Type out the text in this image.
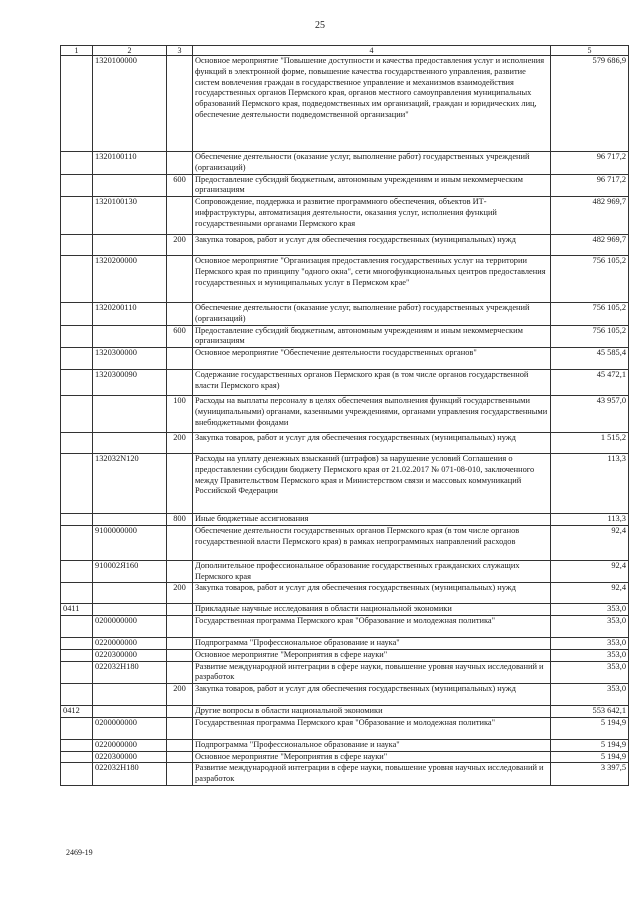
25
1	2	3	4	5
	1320100000		Основное мероприятие "Повышение доступности и качества предоставления услуг и исполнения функций в электронной форме, повышение качества государственного управления, развитие систем вовлечения граждан в государственное управление и механизмов взаимодействия государственных органов Пермского края, органов местного самоуправления муниципальных образований Пермского края, подведомственных им организаций, граждан и юридических лиц, обеспечение деятельности подведомственной организации"	579 686,9
	1320100110		Обеспечение деятельности (оказание услуг, выполнение работ) государственных учреждений (организаций)	96 717,2
		600	Предоставление субсидий бюджетным, автономным учреждениям и иным некоммерческим организациям	96 717,2
	1320100130		Сопровождение, поддержка и развитие программного обеспечения, объектов ИТ-инфраструктуры, автоматизация деятельности, оказания услуг, исполнения функций государственными органами Пермского края	482 969,7
		200	Закупка товаров, работ и услуг для обеспечения государственных (муниципальных) нужд	482 969,7
	1320200000		Основное мероприятие "Организация предоставления государственных услуг на территории Пермского края по принципу "одного окна", сети многофункциональных центров предоставления государственных и муниципальных услуг в Пермском крае"	756 105,2
	1320200110		Обеспечение деятельности (оказание услуг, выполнение работ) государственных учреждений (организаций)	756 105,2
		600	Предоставление субсидий бюджетным, автономным учреждениям и иным некоммерческим организациям	756 105,2
	1320300000		Основное мероприятие "Обеспечение деятельности государственных органов"	45 585,4
	1320300090		Содержание государственных органов Пермского края (в том числе органов государственной власти Пермского края)	45 472,1
		100	Расходы на выплаты персоналу в целях обеспечения выполнения функций государственными (муниципальными) органами, казенными учреждениями, органами управления государственными внебюджетными фондами	43 957,0
		200	Закупка товаров, работ и услуг для обеспечения государственных (муниципальных) нужд	1 515,2
	132032N120		Расходы на уплату денежных взысканий (штрафов) за нарушение условий Соглашения о предоставлении субсидии бюджету Пермского края от 21.02.2017 № 071-08-010, заключенного между Правительством Пермского края и Министерством связи и массовых коммуникаций Российской Федерации	113,3
		800	Иные бюджетные ассигнования	113,3
	9100000000		Обеспечение деятельности государственных органов Пермского края (в том числе органов государственной власти Пермского края) в рамках непрограммных направлений расходов	92,4
	910002Я160		Дополнительное профессиональное образование государственных гражданских служащих Пермского края	92,4
		200	Закупка товаров, работ и услуг для обеспечения государственных (муниципальных) нужд	92,4
0411			Прикладные научные исследования в области национальной экономики	353,0
	0200000000		Государственная программа Пермского края "Образование и молодежная политика"	353,0
	0220000000		Подпрограмма "Профессиональное образование и наука"	353,0
	0220300000		Основное мероприятие "Мероприятия в сфере науки"	353,0
	022032Н180		Развитие международной интеграции в сфере науки, повышение уровня научных исследований и разработок	353,0
		200	Закупка товаров, работ и услуг для обеспечения государственных (муниципальных) нужд	353,0
0412			Другие вопросы в области национальной экономики	553 642,1
	0200000000		Государственная программа Пермского края "Образование и молодежная политика"	5 194,9
	0220000000		Подпрограмма "Профессиональное образование и наука"	5 194,9
	0220300000		Основное мероприятие "Мероприятия в сфере науки"	5 194,9
	022032Н180		Развитие международной интеграции в сфере науки, повышение уровня научных исследований и разработок	3 397,5
2469-19
